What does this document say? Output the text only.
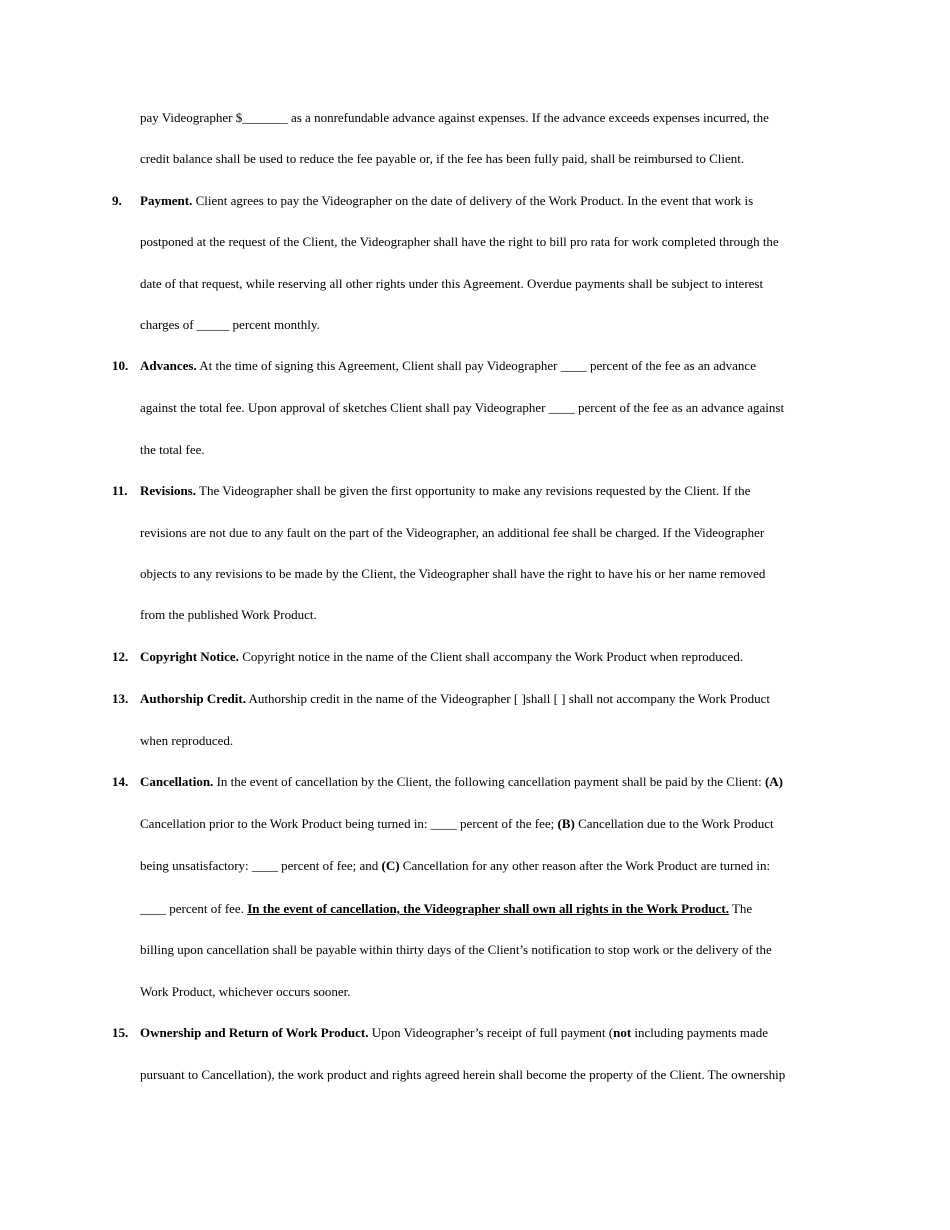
pay Videographer $_______ as a nonrefundable advance against expenses. If the advance exceeds expenses incurred, the
credit balance shall be used to reduce the fee payable or, if the fee has been fully paid, shall be reimbursed to Client.
9. Payment. Client agrees to pay the Videographer on the date of delivery of the Work Product. In the event that work is
postponed at the request of the Client, the Videographer shall have the right to bill pro rata for work completed through the
date of that request, while reserving all other rights under this Agreement. Overdue payments shall be subject to interest
charges of _____ percent monthly.
10. Advances. At the time of signing this Agreement, Client shall pay Videographer ____ percent of the fee as an advance
against the total fee. Upon approval of sketches Client shall pay Videographer ____ percent of the fee as an advance against
the total fee.
11. Revisions. The Videographer shall be given the first opportunity to make any revisions requested by the Client. If the
revisions are not due to any fault on the part of the Videographer, an additional fee shall be charged. If the Videographer
objects to any revisions to be made by the Client, the Videographer shall have the right to have his or her name removed
from the published Work Product.
12. Copyright Notice. Copyright notice in the name of the Client shall accompany the Work Product when reproduced.
13. Authorship Credit. Authorship credit in the name of the Videographer [ ]shall [ ] shall not accompany the Work Product
when reproduced.
14. Cancellation. In the event of cancellation by the Client, the following cancellation payment shall be paid by the Client: (A)
Cancellation prior to the Work Product being turned in: ____ percent of the fee; (B) Cancellation due to the Work Product
being unsatisfactory: ____ percent of fee; and (C) Cancellation for any other reason after the Work Product are turned in:
____ percent of fee. In the event of cancellation, the Videographer shall own all rights in the Work Product. The
billing upon cancellation shall be payable within thirty days of the Client’s notification to stop work or the delivery of the
Work Product, whichever occurs sooner.
15. Ownership and Return of Work Product. Upon Videographer’s receipt of full payment (not including payments made
pursuant to Cancellation), the work product and rights agreed herein shall become the property of the Client. The ownership
